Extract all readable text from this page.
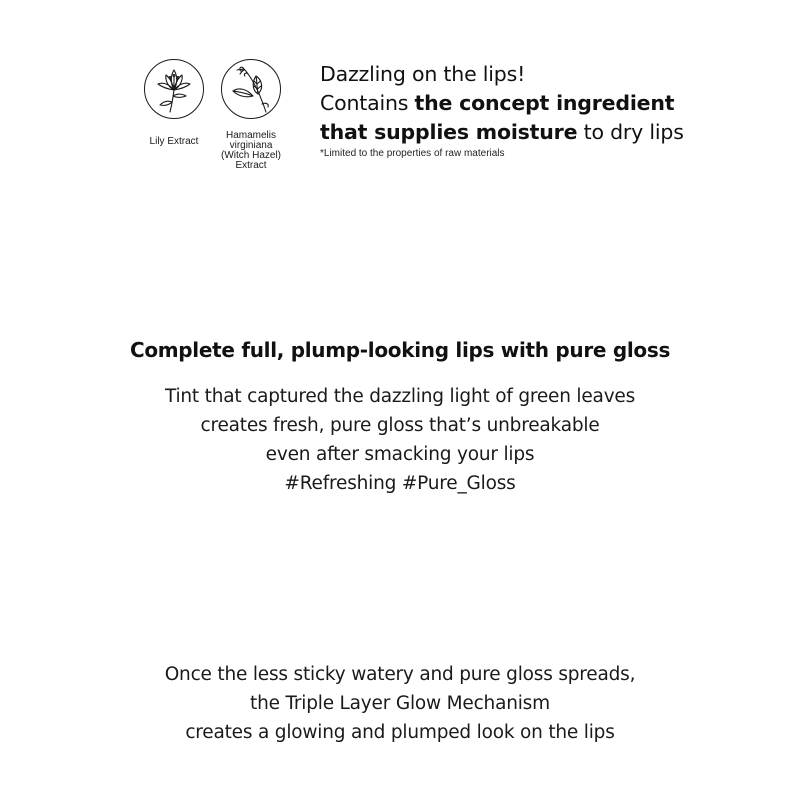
Lily Extract
Hamamelis
virginiana
(Witch Hazel)
Extract
Dazzling on the lips!
Contains the concept ingredient
that supplies moisture to dry lips
*Limited to the properties of raw materials
Complete full, plump-looking lips with pure gloss
Tint that captured the dazzling light of green leaves
creates fresh, pure gloss that’s unbreakable
even after smacking your lips
#Refreshing #Pure_Gloss
Once the less sticky watery and pure gloss spreads,
the Triple Layer Glow Mechanism
creates a glowing and plumped look on the lips
